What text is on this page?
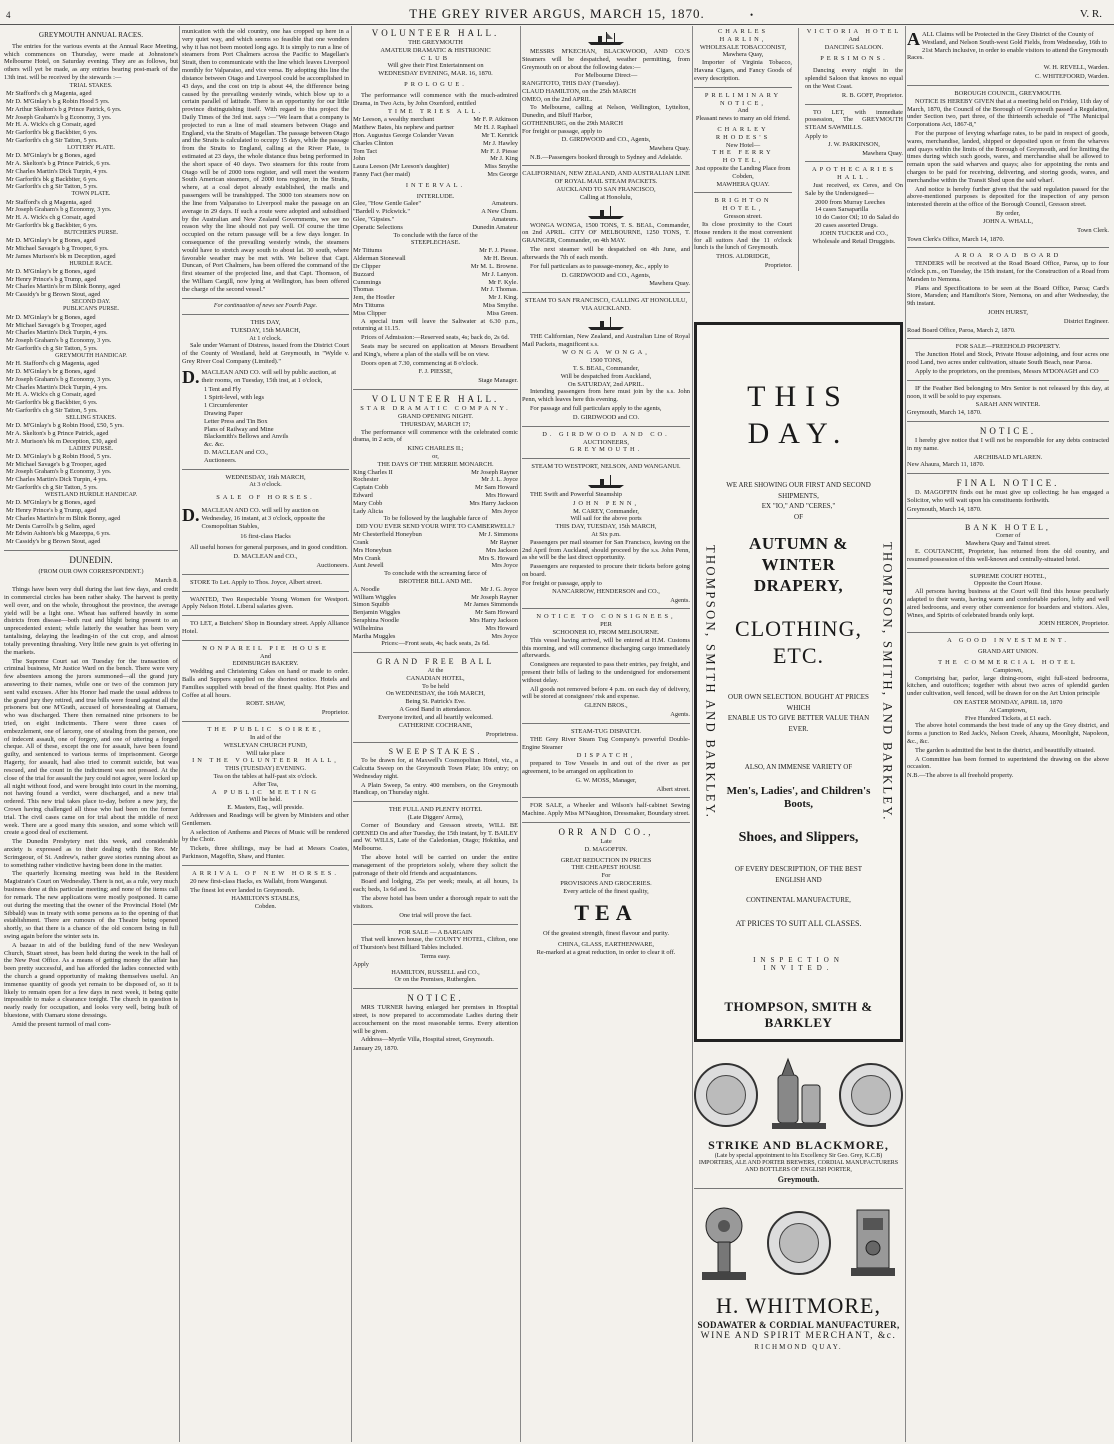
4	THE GREY RIVER ARGUS, MARCH 15, 1870.	•	V. R.
GREYMOUTH ANNUAL RACES.

The entries for the various events at the Annual Race Meeting, which commences on Thursday, were made at Johnstone's Melbourne Hotel, on Saturday evening. They are as follows, but others will yet be made, as any entries bearing post-mark of the 13th inst. will be received by the stewards :—

TRIAL STAKES.
Mr Stafford's ch g Magenta, aged
Mr D. M'Ginlay's b g Robin Hood 5 yrs.
Mr Arthur Skelton's b g Prince Patrick, 6 yrs.
Mr Joseph Graham's b g Economy, 3 yrs.
Mr H. A. Wick's ch g Corsair, aged
Mr Garforth's bk g Backbiter, 6 yrs.
Mr Garforth's ch g Sir Tatton, 5 yrs.
LOTTERY PLATE.
Mr D. M'Ginlay's br g Bones, aged
Mr A. Skelton's b g Prince Patrick, 6 yrs.
Mr Charles Martin's Dick Turpin, 4 yrs.
Mr Garforth's bk g Backbiter, 6 yrs.
Mr Garforth's ch g Sir Tatton, 5 yrs.
TOWN PLATE.
Mr Stafford's ch g Magenta, aged
Mr Joseph Graham's b g Economy, 3 yrs.
Mr H. A. Wick's ch g Corsair, aged
Mr Garforth's bk g Backbiter, 6 yrs.
BUTCHER'S PURSE.
Mr D. M'Ginlay's br g Bones, aged
Mr Michael Savage's b g Trooper, 6 yrs.
Mr James Murison's bk m Deception, aged
HURDLE RACE.
Mr D. M'Ginlay's br g Bones, aged
Mr Henry Prince's b g Trump, aged
Mr Charles Martin's br m Blink Bonny, aged
Mr Cassidy's br g Brown Stout, aged
SECOND DAY.
PUBLICAN'S PURSE.
Mr D. M'Ginlay's br g Bones, aged
Mr Michael Savage's b g Trooper, aged
Mr Charles Martin's Dick Turpin, 4 yrs.
Mr Joseph Graham's b g Economy, 3 yrs.
Mr Garforth's ch g Sir Tatton, 5 yrs.
GREYMOUTH HANDICAP.
Mr H. Stafford's ch g Magenta, aged
Mr D. M'Ginlay's br g Bones, aged
Mr Joseph Graham's b g Economy, 3 yrs.
Mr Charles Martin's Dick Turpin, 4 yrs.
Mr H. A. Wick's ch g Corsair, aged
Mr Garforth's bk g Backbiter, 6 yrs.
Mr Garforth's ch g Sir Tatton, 5 yrs.
SELLING STAKES.
Mr D. M'Ginlay's b g Robin Hood, £50, 5 yrs.
Mr A. Skelton's b g Prince Patrick, aged
Mr J. Murison's bk m Deception, £30, aged
LADIES' PURSE.
Mr D. M'Ginlay's b g Robin Hood, 5 yrs.
Mr Michael Savage's b g Trooper, aged
Mr Joseph Graham's b g Economy, 3 yrs.
Mr Charles Martin's Dick Turpin, 4 yrs.
Mr Garforth's ch g Sir Tatton, 5 yrs.
WESTLAND HURDLE HANDICAP.
Mr D. M'Ginlay's br g Bones, aged
Mr Henry Prince's b g Trump, aged
Mr Charles Martin's br m Blink Bonny, aged
Mr Denis Carroll's b g Selim, aged
Mr Edwin Ashton's bk g Mazeppa, 6 yrs.
Mr Cassidy's br g Brown Stout, aged
DUNEDIN.
(FROM OUR OWN CORRESPONDENT.)
March 8.

Things have been very dull during the last few days, and credit in commercial circles has been rather shaky. The harvest is pretty well over, and on the whole, throughout the province, the average yield will be a light one. Wheat has suffered heavily in some districts from disease—both rust and blight being present to an unprecedented extent; while latterly the weather has been very tantalising, delaying the leading-in of the cut crop, and almost totally preventing thrashing. Very little new grain is yet offering in the markets.

The Supreme Court sat on Tuesday for the transaction of criminal business, Mr Justice Ward on the bench. There were very few absentees among the jurors summoned—all the grand jury answering to their names, while one or two of the common jury sent valid excuses. After his Honor had made the usual address to the grand jury they retired, and true bills were found against all the prisoners but one M'Grath, accused of horsestealing at Oamaru, who was discharged. There then remained nine prisoners to be tried, on eight indictments. There were three cases of embezzlement, one of larceny, one of stealing from the person, one of indecent assault, one of forgery, and one of uttering a forged cheque. All of these, except the one for assault, have been found guilty, and sentenced to various terms of imprisonment. George Hagerty, for assault, had also tried to commit suicide, but was rescued, and the count in the indictment was not pressed. At the close of the trial for assault the jury could not agree, were locked up all night without food, and were brought into court in the morning, not having found a verdict, were discharged, and a new trial ordered. This new trial takes place to-day, before a new jury, the Crown having challenged all those who had been on the former trial. The civil cases came on for trial about the middle of next week. There are a good many this session, and some which will create a good deal of excitement.

The Dunedin Presbytery met this week, and considerable anxiety is expressed as to their dealing with the Rev. Mr Scrimgeour, of St. Andrew's, rather grave stories running about as to something rather vindictive having been done in the matter.

The quarterly licensing meeting was held in the Resident Magistrate's Court on Wednesday. There is not, as a rule, very much business done at this particular meeting; and none of the items call for remark. The new applications were mostly postponed. It came out during the meeting that the owner of the Provincial Hotel (Mr Sibbald) was in treaty with some persons as to the opening of that establishment. There are rumours of the Theatre being opened shortly, so that there is a chance of the old concern being in full swing again before the winter sets in.

A bazaar in aid of the building fund of the new Wesleyan Church, Stuart street, has been held during the week in the hall of the New Post Office. As a means of getting money the affair has been pretty successful, and has afforded the ladies connected with the church a grand opportunity of making themselves useful. An immense quantity of goods yet remain to be disposed of, so it is likely to remain open for a few days in next week, it being quite impossible to make a clearance tonight. The church in question is nearly ready for occupation, and looks very well, being built of bluestone, with Oamaru stone dressings.

Amid the present turmoil of mail com-

munication with the old country, one has cropped up here in a very quiet way, and which seems so feasible that one wonders why it has not been mooted long ago. It is simply to run a line of steamers from Port Chalmers across the Pacific to Magellan's Strait, then to communicate with the line which leaves Liverpool monthly for Valparaiso, and vice versa. By adopting this line the distance between Otago and Liverpool could be accomplished in 43 days, and the cost on trip is about 44, the difference being caused by the prevailing westerly winds, which blow up to a certain parallel of latitude. There is an opportunity for our little province distinguishing itself. With regard to this project the Daily Times of the 3rd inst. says :—"We learn that a company is projected to run a line of mail steamers between Otago and England, via the Straits of Magellan. The passage between Otago and the Straits is calculated to occupy 15 days, while the passage from the Straits to England, calling at the River Plate, is estimated at 23 days, the whole distance thus being performed in the short space of 40 days. Two steamers for this route from Otago will be of 2000 tons register, and will meet the western South American steamers, of 2000 tons register, in the Straits, where, at a coal depot already established, the mails and passengers will be transhipped. The 3000 ton steamers now on the line from Valparaiso to Liverpool make the passage on an average in 29 days. If such a route were adopted and subsidised by the Australian and New Zealand Governments, we see no reason why the line should not pay well. Of course the time occupied on the return passage will be a few days longer. In consequence of the prevailing westerly winds, the steamers would have to stretch away south to about lat. 30 south, where favorable weather may be met with. We believe that Capt. Duncan, of Port Chalmers, has been offered the command of the first steamer of the projected line, and that Capt. Thomson, of the William Cargill, now lying at Wellington, has been offered the charge of the second vessel."

For continuation of news see Fourth Page.
THIS DAY,
TUESDAY, 15th MARCH,
At 1 o'clock.

Sale under Warrant of Distress, issued from the District Court of the County of Westland, held at Greymouth, in "Wylde v. Grey River Coal Company (Limited)."

D. MACLEAN AND CO. will sell by public auction, at their rooms, on Tuesday, 15th inst, at 1 o'clock,
1 Tent and Fly
1 Spirit-level, with legs
1 Circumferenter
Drawing Paper
Letter Press and Tin Box
Plans of Railway and Mine
Blacksmith's Bellows and Anvils
&c. &c.
D. MACLEAN and CO.,
Auctioneers.
WEDNESDAY, 16th MARCH,
At 3 o'clock.
SALE OF HORSES.
D. MACLEAN AND CO. will sell by auction on Wednesday, 16 instant, at 3 o'clock, opposite the Cosmopolitan Stables,
16 first-class Hacks

All useful horses for general purposes, and in good condition.

D. MACLEAN and CO.,
Auctioneers.

STORE To Let. Apply to Thos. Joyce, Albert street.

WANTED, Two Respectable Young Women for Westport. Apply Nelson Hotel. Liberal salaries given.

TO LET, a Butchers' Shop in Boundary street. Apply Alliance Hotel.

NONPAREIL PIE HOUSE
And
EDINBURGH BAKERY.

Wedding and Christening Cakes on hand or made to order. Balls and Suppers supplied on the shortest notice. Hotels and Families supplied with bread of the finest quality. Hot Pies and Coffee at all hours.

ROBT. SHAW,
Proprietor.
THE PUBLIC SOIREE,
In aid of the
WESLEYAN CHURCH FUND,
Will take place
IN THE VOLUNTEER HALL,
THIS (TUESDAY) EVENING.
Tea on the tables at half-past six o'clock.
After Tea,
A PUBLIC MEETING
Will be held.
E. Masters, Esq., will preside.

Addresses and Readings will be given by Ministers and other Gentlemen.

A selection of Anthems and Pieces of Music will be rendered by the Choir.

Tickets, three shillings, may be had at Messrs Coates, Parkinson, Magoffin, Shaw, and Hunter.

ARRIVAL OF NEW HORSES.

20 new first-class Hacks, ex Wallabi, from Wanganui.

The finest lot ever landed in Greymouth.

HAMILTON'S STABLES,
Cobden.
VOLUNTEER HALL.
THE GREYMOUTH
AMATEUR DRAMATIC & HISTRIONIC
CLUB
Will give their First Entertainment on
WEDNESDAY EVENING, MAR. 16, 1870.
PROLOGUE.

The performance will commence with the much-admired Drama, in Two Acts, by John Oxenford, entitled

TIME TRIES ALL.
Mr Leeson, a wealthy merchant	Mr F. P. Atkinson
Matthew Bates, his nephew and partner	Mr H. J. Raphael
Hon. Augustus George Colander Vavan	Mr T. Kenrick
Charles Clinton	Mr J. Hawley
Tom Tact	Mr F. J. Piesse
John	Mr J. King
Laura Leeson (Mr Leeson's daughter)	Miss Smythe
Fanny Fact (her maid)	Mrs George
INTERVAL.
INTERLUDE.
Glee, "How Gentle Galee"	Amateurs.
"Bardell v. Pickwick."	A New Chum.
Glee, "Gipsies."	Amateurs.
Operatic Selections	Dunedin Amateur
To conclude with the farce of the
STEEPLECHASE.
Mr Tittums	Mr F. J. Piesse.
Alderman Stonewall	Mr H. Breun.
Dr Clipper	Mr M. L. Browne.
Buzzard	Mr J. Lanyon.
Cummings	Mr F. Kyle.
Thomas	Mr J. Thomas.
Jem, the Hostler	Mr J. King.
Mrs Tittums	Miss Smythe.
Miss Clipper	Miss Green.

A special tram will leave the Saltwater at 6.30 p.m., returning at 11.15.

Prices of Admission:—Reserved seats, 4s; back do, 2s 6d.

Seats may be secured on application at Messrs Broadbent and King's, where a plan of the stalls will be on view.

Doors open at 7.30, commencing at 8 o'clock.

F. J. PIESSE,
Stage Manager.
VOLUNTEER HALL.
STAR DRAMATIC COMPANY.
GRAND OPENING NIGHT.
THURSDAY, MARCH 17;

The performance will commence with the celebrated comic drama, in 2 acts, of

KING CHARLES II.;
or,
THE DAYS OF THE MERRIE MONARCH.
King Charles II	Mr Joseph Rayner
Rochester	Mr J. L. Joyce
Captain Cobb	Mr Sam Howard
Edward	Mrs Howard
Mary Cobb	Mrs Harry Jackson
Lady Alicia	Mrs Joyce
To be followed by the laughable farce of
DID YOU EVER SEND YOUR WIFE TO CAMBERWELL?
Mr Chesterfield Honeybun	Mr J. Simmons
Crank	Mr Rayner
Mrs Honeybun	Mrs Jackson
Mrs Crank	Mrs S. Howard
Aunt Jewell	Mrs Joyce
To conclude with the screaming farce of
BROTHER BILL AND ME.
A. Noodle	Mr J. G. Joyce
William Wiggles	Mr Joseph Rayner
Simon Squibb	Mr James Simmonds
Benjamin Wiggles	Mr Sam Howard
Seraphina Noodle	Mrs Harry Jackson
Wilhelmina	Mrs Howard
Martha Muggles	Mrs Joyce
Prices:—Front seats, 4s; back seats, 2s 6d.
GRAND FREE BALL
At the
CANADIAN HOTEL,
To be held
On WEDNESDAY, the 16th MARCH,
Being St. Patrick's Eve.
A Good Band in attendance.
Everyone invited, and all heartily welcomed.
CATHERINE COCHRANE,
Proprietress.
SWEEPSTAKES.

To be drawn for, at Maxwell's Cosmopolitan Hotel, viz., a Calcutta Sweep on the Greymouth Town Plate; 10s entry; on Wednesday night.

A Plain Sweep, 5s entry. 400 members, on the Greymouth Handicap, on Thursday night.

THE FULL AND PLENTY HOTEL
(Late Diggers' Arms),

Corner of Boundary and Gresson streets, WILL BE OPENED On and after Tuesday, the 15th instant, by T. BAILEY and W. WILLS, Late of the Caledonian, Otago; Hokitika, and Melbourne.

The above hotel will be carried on under the entire management of the proprietors solely, where they solicit the patronage of their old friends and acquaintances.

Board and lodging, 25s per week; meals, at all hours, 1s each; beds, 1s 6d and 1s.

The above hotel has been under a thorough repair to suit the visitors.

One trial will prove the fact.
FOR SALE — A BARGAIN

That well known house, the COUNTY HOTEL, Clifton, one of Thurston's best Billiard Tables included.

Terms easy.
Apply
HAMILTON, RUSSELL and CO.,
Or on the Premises, Rutherglen.
NOTICE.

MRS TURNER having enlarged her premises in Hospital street, is now prepared to accommodate Ladies during their accouchement on the most reasonable terms. Every attention will be given.

Address—Myrtle Villa, Hospital street, Greymouth.

January 29, 1870.

MESSRS M'KECHAN, BLACKWOOD, AND CO.'S Steamers will be despatched, weather permitting, from Greymouth on or about the following dates:—

For Melbourne Direct—
RANGITOTO, THIS DAY (Tuesday).
CLAUD HAMILTON, on the 25th MARCH
OMEO, on the 2nd APRIL.

To Melbourne, calling at Nelson, Wellington, Lyttelton, Dunedin, and Bluff Harbor,

GOTHENBURG, on the 29th MARCH
For freight or passage, apply to
D. GIRDWOOD and CO., Agents,
Mawhera Quay.

N.B.—Passengers booked through to Sydney and Adelaide.

CALIFORNIAN, NEW ZEALAND, AND AUSTRALIAN LINE OF ROYAL MAIL STEAM PACKETS.
AUCKLAND TO SAN FRANCISCO,
Calling at Honolulu,

WONGA WONGA, 1500 TONS, T. S. BEAL, Commander, on 2nd APRIL. CITY OF MELBOURNE, 1250 TONS, T. GRAINGER, Commander, on 4th MAY.

The next steamer will be despatched on 4th June, and afterwards the 7th of each month.

For full particulars as to passage-money, &c., apply to

D. GIRDWOOD and CO., Agents,
Mawhera Quay.
STEAM TO SAN FRANCISCO, CALLING AT HONOLULU, VIA AUCKLAND.

THE Californian, New Zealand, and Australian Line of Royal Mail Packets, magnificent s.s.

WONGA WONGA,
1500 TONS,
T. S. BEAL, Commander,
Will be despatched from Auckland,
On SATURDAY, 2nd APRIL.

Intending passengers from here must join by the s.s. John Penn, which leaves here this evening.

For passage and full particulars apply to the agents,

D. GIRDWOOD and CO.
D. GIRDWOOD AND CO.
AUCTIONEERS,
GREYMOUTH.
STEAM TO WESTPORT, NELSON, AND WANGANUI.

THE Swift and Powerful Steamship

JOHN PENN,
M. CAREY, Commander,
Will sail for the above ports
THIS DAY, TUESDAY, 15th MARCH,
At Six p.m.

Passengers per mail steamer for San Francisco, leaving on the 2nd April from Auckland, should proceed by the s.s. John Penn, as she will be the last direct opportunity.

Passengers are requested to procure their tickets before going on board.

For freight or passage, apply to
NANCARROW, HENDERSON and CO.,
Agents.
NOTICE TO CONSIGNEES,
PER
SCHOONER IO, FROM MELBOURNE.

This vessel having arrived, will be entered at H.M. Customs this morning, and will commence discharging cargo immediately afterwards.

Consignees are requested to pass their entries, pay freight, and present their bills of lading to the undersigned for endorsement without delay.

All goods not removed before 4 p.m. on each day of delivery, will be stored at consignees' risk and expense.

GLENN BROS.,
Agents.
STEAM-TUG DISPATCH.

THE Grey River Steam Tug Company's powerful Double-Engine Steamer

DISPATCH,

prepared to Tow Vessels in and out of the river as per agreement, to be arranged on application to

G. W. MOSS, Manager,
Albert street.

FOR SALE, a Wheeler and Wilson's half-cabinet Sewing Machine. Apply Miss M'Naughton, Dressmaker, Boundary street.

ORR AND CO.,
Late
D. MAGOFFIN.
GREAT REDUCTION IN PRICES
THE CHEAPEST HOUSE
For
PROVISIONS AND GROCERIES.
Every article of the finest quality,
TEA
Of the greatest strength, finest flavour and purity.
CHINA, GLASS, EARTHENWARE,
Re-marked at a great reduction, in order to clear it off.
CHARLES HARLIN,
WHOLESALE TOBACCONIST,
Mawhera Quay,

Importer of Virginia Tobacco, Havana Cigars, and Fancy Goods of every description.

PRELIMINARY NOTICE,
And
Pleasant news to many an old friend.
CHARLEY RHODES'S
New Hotel—
THE FERRY HOTEL,
Just opposite the Landing Place from Cobden,
MAWHERA QUAY.
BRIGHTON HOTEL,
Gresson street.

Its close proximity to the Court House renders it the most convenient for all suitors And the 11 o'clock lunch is the lunch of Greymouth.

THOS. ALDRIDGE,
Proprietor.
VICTORIA HOTEL
And
DANCING SALOON.
PERSIMONS.

Dancing every night in the splendid Saloon that knows no equal on the West Coast.

R. B. GOFF, Proprietor.

TO LET, with immediate possession, The GREYMOUTH STEAM SAWMILLS.

Apply to
J. W. PARKINSON,
Mawhera Quay.
APOTHECARIES HALL.

Just received, ex Ceres, and On Sale by the Undersigned—

2000 from Murray Leeches
14 cases Sarsaparilla
10 do Castor Oil; 10 do Salad do
20 cases assorted Drugs.
JOHN TUCKER and CO.,
Wholesale and Retail Druggists.
THOMPSON, SMITH AND BARKLEY.	THOMPSON, SMITH, AND BARKLEY.
THIS DAY.
WE ARE SHOWING OUR FIRST AND SECOND SHIPMENTS,
EX "IO," AND "CERES,"
OF
AUTUMN & WINTER DRAPERY,
CLOTHING, ETC.
OUR OWN SELECTION. BOUGHT AT PRICES WHICH
ENABLE US TO GIVE BETTER VALUE THAN EVER.
ALSO, AN IMMENSE VARIETY OF
Men's, Ladies', and Children's Boots,
Shoes, and Slippers,
OF EVERY DESCRIPTION, OF THE BEST ENGLISH AND
CONTINENTAL MANUFACTURE,
AT PRICES TO SUIT ALL CLASSES.
INSPECTION INVITED.
THOMPSON, SMITH & BARKLEY
STRIKE AND BLACKMORE,
(Late by special appointment to his Excellency Sir Geo. Grey, K.C.B)
IMPORTERS, ALE AND PORTER BREWERS, CORDIAL MANUFACTURERS AND BOTTLERS OF ENGLISH PORTER,
Greymouth.
H. WHITMORE,
SODAWATER & CORDIAL MANUFACTURER,
WINE AND SPIRIT MERCHANT, &c.
RICHMOND QUAY.
AALL Claims will be Protected in the Grey District of the County of Westland, and Nelson South-west Gold Fields, from Wednesday, 16th to 21st March inclusive, in order to enable visitors to attend the Greymouth Races.
W. H. REVELL, Warden.
C. WHITEFOORD, Warden.
BOROUGH COUNCIL, GREYMOUTH.

NOTICE IS HEREBY GIVEN that at a meeting held on Friday, 11th day of March, 1870, the Council of the Borough of Greymouth passed a Regulation, under Section two, part three, of the thirteenth schedule of "The Municipal Corporations Act, 1867-8,"

For the purpose of levying wharfage rates, to be paid in respect of goods, wares, merchandise, landed, shipped or deposited upon or from the wharves and quays within the limits of the Borough of Greymouth, and for limiting the times during which such goods, wares, and merchandise shall be allowed to remain upon the said wharves and quays; also for appointing the rents and charges to be paid for receiving, delivering, and storing goods, wares, and merchandise within the Transit Shed upon the said wharf.

And notice is hereby further given that the said regulation passed for the above-mentioned purposes is deposited for the inspection of any person interested therein at the office of the Borough Council, Gresson street.

By order,
JOHN A. WHALL,
Town Clerk.
Town Clerk's Office, March 14, 1870.
AROA ROAD BOARD

TENDERS will be received at the Road Board Office, Paroa, up to four o'clock p.m., on Tuesday, the 15th instant, for the Construction of a Road from Marsden to Nemona.

Plans and Specifications to be seen at the Board Office, Paroa; Card's Store, Marsden; and Hamilton's Store, Nemona, on and after Wednesday, the 9th instant.

JOHN HURST,
District Engineer.
Road Board Office, Paroa, March 2, 1870.
FOR SALE—FREEHOLD PROPERTY.

The Junction Hotel and Stock, Private House adjoining, and four acres one rood Land, two acres under cultivation, situate South Beach, near Paroa.

Apply to the proprietors, on the premises, Messrs M'DONAGH and CO

IF the Feather Bed belonging to Mrs Senior is not released by this day, at noon, it will be sold to pay expenses.

SARAH ANN WINTER.
Greymouth, March 14, 1870.
NOTICE.

I hereby give notice that I will not be responsible for any debts contracted in my name.

ARCHIBALD M'LAREN.
New Ahaura, March 11, 1870.
FINAL NOTICE.

D. MAGOFFIN finds out he must give up collecting; he has engaged a Solicitor, who will wait upon his constituents forthwith.

Greymouth, March 14, 1870.
BANK HOTEL,
Corner of
Mawhera Quay and Tainui street.

E. COUTANCHE, Proprietor, has returned from the old country, and resumed possession of this well-known and centrally-situated hotel.

SUPREME COURT HOTEL,
Opposite the Court House.

All persons having business at the Court will find this house peculiarly adapted to their wants, having warm and comfortable parlors, lofty and well aired bedrooms, and every other convenience for boarders and visitors. Ales, Wines, and Spirits of celebrated brands only kept.

JOHN HERON, Proprietor.
A GOOD INVESTMENT.
GRAND ART UNION.
THE COMMERCIAL HOTEL
Camptown,

Comprising bar, parlor, large dining-room, eight full-sized bedrooms, kitchen, and outoffices; together with about two acres of splendid garden under cultivation, well fenced, will be drawn for on the Art Union principle

ON EASTER MONDAY, APRIL 18, 1870
At Camptown,
Five Hundred Tickets, at £1 each.

The above hotel commands the best trade of any up the Grey district, and forms a junction to Red Jack's, Nelson Creek, Ahaura, Moonlight, Napoleon, &c., &c.

The garden is admitted the best in the district, and beautifully situated.

A Committee has been formed to superintend the drawing on the above occasion.

N.B.—The above is all freehold property.
